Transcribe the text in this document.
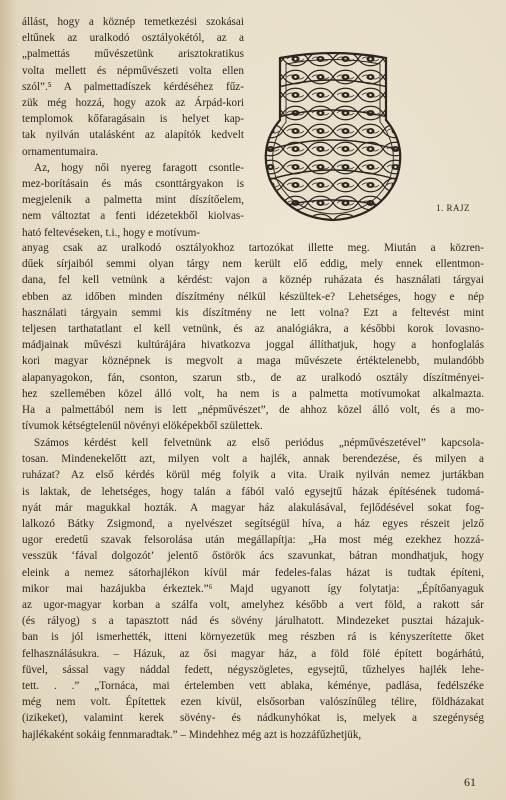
állást, hogy a köznép temetkezési szokásai
eltűnek az uralkodó osztályokétól, az a
„palmettás művészetünk arisztokratikus
volta mellett és népművészeti volta ellen
szól”.⁵ A palmettadíszek kérdéséhez fűz-
zük még hozzá, hogy azok az Árpád-kori
templomok kőfaragásain is helyet kap-
tak nyilván utalásként az alapítók kedvelt
ornamentumaira.
Az, hogy női nyereg faragott csontle-
mez-borításain és más csonttárgyakon is
megjelenik a palmetta mint díszítőelem,
nem változtat a fenti idézetekből kiolvas-
ható feltevéseken, t.i., hogy e motívum-
1. RAJZ
anyag csak az uralkodó osztályokhoz tartozókat illette meg. Miután a közren-
dűek sírjaiból semmi olyan tárgy nem került elő eddig, mely ennek ellentmon-
dana, fel kell vetnünk a kérdést: vajon a köznép ruházata és használati tárgyai
ebben az időben minden díszítmény nélkül készültek-e? Lehetséges, hogy e nép
használati tárgyain semmi kis díszítmény ne lett volna? Ezt a feltevést mint
teljesen tarthatatlant el kell vetnünk, és az analógiákra, a későbbi korok lovasno-
mádjainak művészi kultúrájára hivatkozva joggal állíthatjuk, hogy a honfoglalás
kori magyar köznépnek is megvolt a maga művészete értéktelenebb, mulandóbb
alapanyagokon, fán, csonton, szarun stb., de az uralkodó osztály díszítményei-
hez szellemében közel álló volt, ha nem is a palmetta motívumokat alkalmazta.
Ha a palmettából nem is lett „népművészet”, de ahhoz közel álló volt, és a mo-
tívumok kétségtelenül növényi elöképekből születtek.
Számos kérdést kell felvetnünk az első periódus „népművészetével” kapcsola-
tosan. Mindenekelőtt azt, milyen volt a hajlék, annak berendezése, és milyen a
ruházat? Az első kérdés körül még folyik a vita. Uraik nyilván nemez jurtákban
is laktak, de lehetséges, hogy talán a fából való egysejtű házak építésének tudomá-
nyát már magukkal hozták. A magyar ház alakulásával, fejlődésével sokat fog-
lalkozó Bátky Zsigmond, a nyelvészet segítségül híva, a ház egyes részeit jelző
ugor eredetű szavak felsorolása után megállapítja: „Ha most még ezekhez hozzá-
vesszük ‘fával dolgozót’ jelentő őstörök ács szavunkat, bátran mondhatjuk, hogy
eleink a nemez sátorhajlékon kívül már fedeles-falas házat is tudtak építeni,
mikor mai hazájukba érkeztek.”⁶ Majd ugyanott így folytatja: „Építőanyaguk
az ugor-magyar korban a szálfa volt, amelyhez később a vert föld, a rakott sár
(és rályog) s a tapasztott nád és sövény járulhatott. Mindezeket pusztai házajuk-
ban is jól ismerhették, itteni környezetük meg részben rá is kényszerítette őket
felhasználásukra. – Házuk, az ősi magyar ház, a föld fölé épített bogárhátú,
füvel, sással vagy náddal fedett, négyszögletes, egysejtű, tűzhelyes hajlék lehe-
tett. . .” „Tornáca, mai értelemben vett ablaka, kéménye, padlása, fedélszéke
még nem volt. Építettek ezen kívül, elsősorban valószínűleg télire, földházakat
(izikeket), valamint kerek sövény- és nádkunyhókat is, melyek a szegénység
hajlékaként sokáig fennmaradtak.” – Mindehhez még azt is hozzáfűzhetjük,
61
